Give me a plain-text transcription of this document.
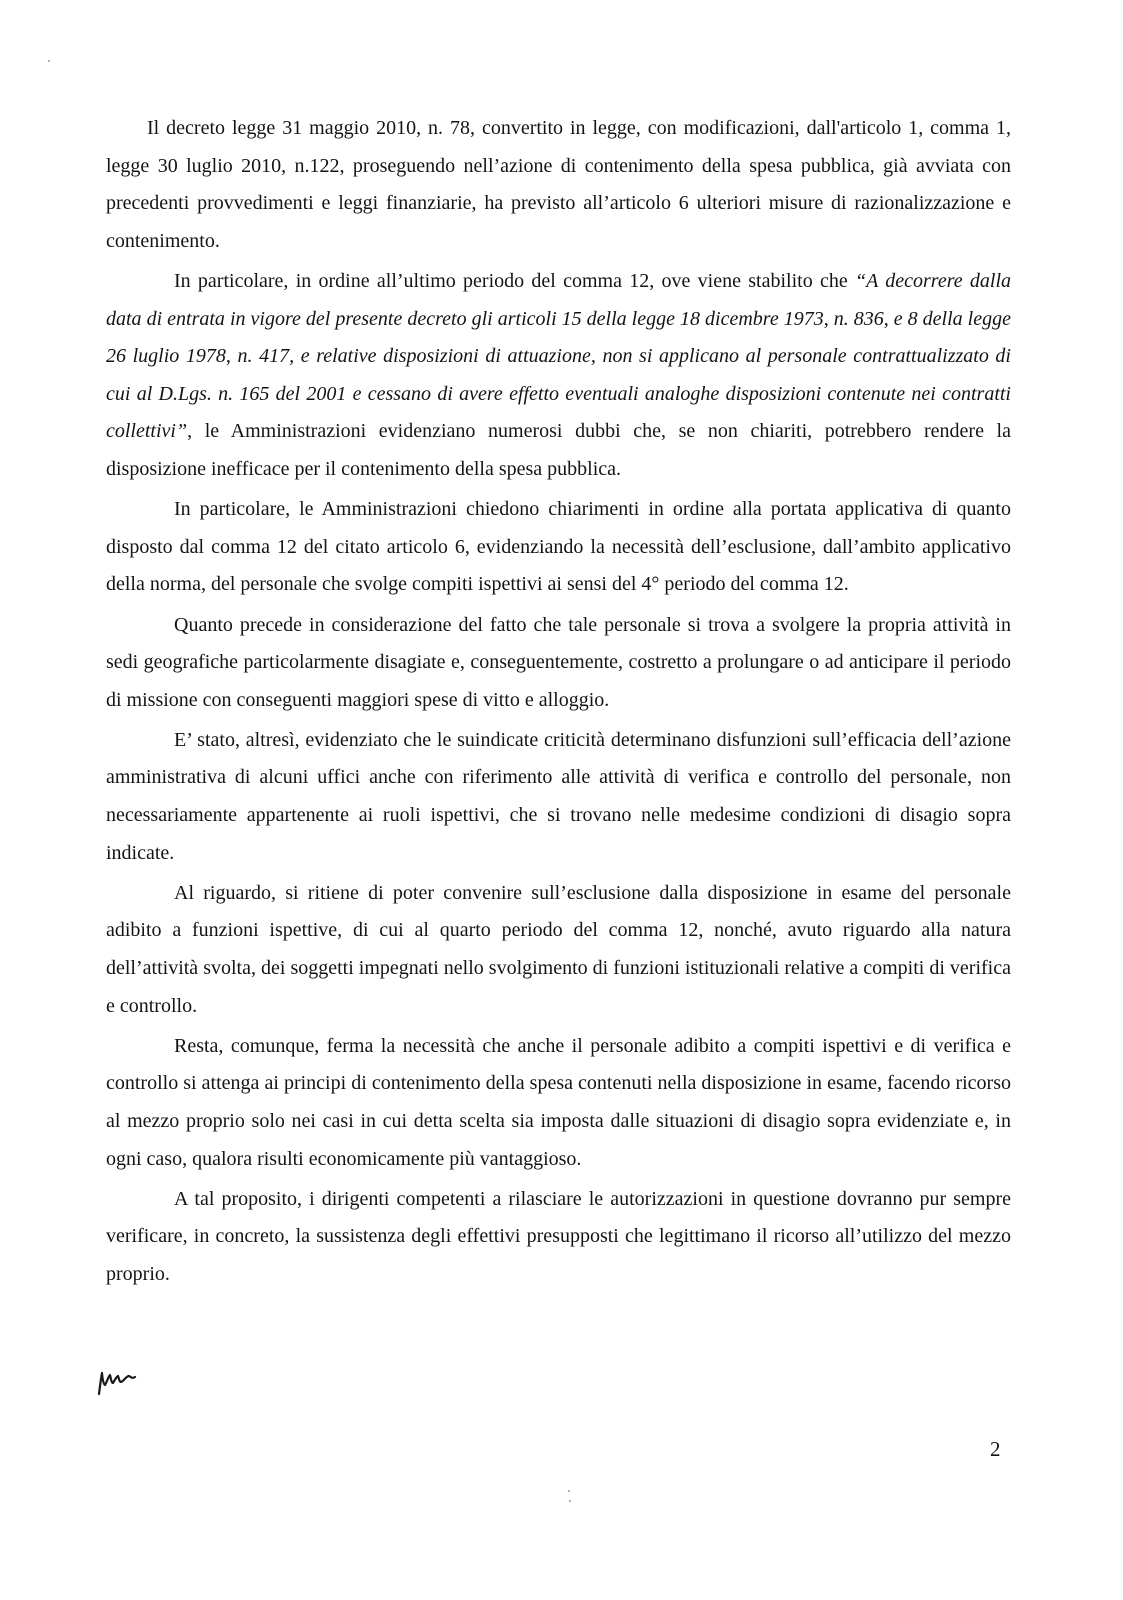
Il decreto legge 31 maggio 2010, n. 78, convertito in legge, con modificazioni, dall'articolo 1, comma 1, legge 30 luglio 2010, n.122, proseguendo nell’azione di contenimento della spesa pubblica, già avviata con precedenti provvedimenti e leggi finanziarie, ha previsto all’articolo 6 ulteriori misure di razionalizzazione e contenimento.

In particolare, in ordine all’ultimo periodo del comma 12, ove viene stabilito che “A decorrere dalla data di entrata in vigore del presente decreto gli articoli 15 della legge 18 dicembre 1973, n. 836, e 8 della legge 26 luglio 1978, n. 417, e relative disposizioni di attuazione, non si applicano al personale contrattualizzato di cui al D.Lgs. n. 165 del 2001 e cessano di avere effetto eventuali analoghe disposizioni contenute nei contratti collettivi”, le Amministrazioni evidenziano numerosi dubbi che, se non chiariti, potrebbero rendere la disposizione inefficace per il contenimento della spesa pubblica.

In particolare, le Amministrazioni chiedono chiarimenti in ordine alla portata applicativa di quanto disposto dal comma 12 del citato articolo 6, evidenziando la necessità dell’esclusione, dall’ambito applicativo della norma, del personale che svolge compiti ispettivi ai sensi del 4° periodo del comma 12.

Quanto precede in considerazione del fatto che tale personale si trova a svolgere la propria attività in sedi geografiche particolarmente disagiate e, conseguentemente, costretto a prolungare o ad anticipare il periodo di missione con conseguenti maggiori spese di vitto e alloggio.

E’ stato, altresì, evidenziato che le suindicate criticità determinano disfunzioni sull’efficacia dell’azione amministrativa di alcuni uffici anche con riferimento alle attività di verifica e controllo del personale, non necessariamente appartenente ai ruoli ispettivi, che si trovano nelle medesime condizioni di disagio sopra indicate.

Al riguardo, si ritiene di poter convenire sull’esclusione dalla disposizione in esame del personale adibito a funzioni ispettive, di cui al quarto periodo del comma 12, nonché, avuto riguardo alla natura dell’attività svolta, dei soggetti impegnati nello svolgimento di funzioni istituzionali relative a compiti di verifica e controllo.

Resta, comunque, ferma la necessità che anche il personale adibito a compiti ispettivi e di verifica e controllo si attenga ai principi di contenimento della spesa contenuti nella disposizione in esame, facendo ricorso al mezzo proprio solo nei casi in cui detta scelta sia imposta dalle situazioni di disagio sopra evidenziate e, in ogni caso, qualora risulti economicamente più vantaggioso.

A tal proposito, i dirigenti competenti a rilasciare le autorizzazioni in questione dovranno pur sempre verificare, in concreto, la sussistenza degli effettivi presupposti che legittimano il ricorso all’utilizzo del mezzo proprio.

2
